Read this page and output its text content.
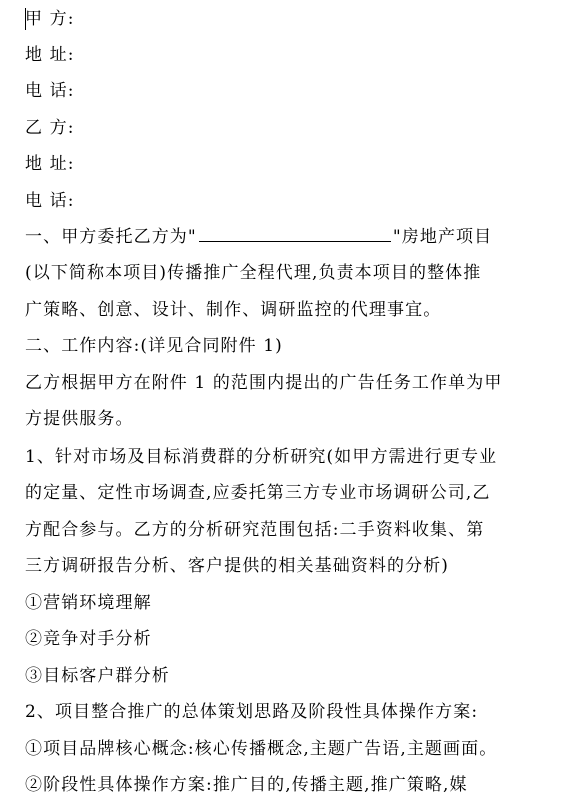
甲 方:
地 址:
电 话:
乙 方:
地 址:
电 话:
一、甲方委托乙方为"	"房地产项目
(以下简称本项目)传播推广全程代理,负责本项目的整体推
广策略、创意、设计、制作、调研监控的代理事宜。
二、工作内容:(详见合同附件 1)
乙方根据甲方在附件 1 的范围内提出的广告任务工作单为甲
方提供服务。
1、针对市场及目标消费群的分析研究(如甲方需进行更专业
的定量、定性市场调查,应委托第三方专业市场调研公司,乙
方配合参与。乙方的分析研究范围包括:二手资料收集、第
三方调研报告分析、客户提供的相关基础资料的分析)
①营销环境理解
②竞争对手分析
③目标客户群分析
2、项目整合推广的总体策划思路及阶段性具体操作方案:
①项目品牌核心概念:核心传播概念,主题广告语,主题画面。
②阶段性具体操作方案:推广目的,传播主题,推广策略,媒
